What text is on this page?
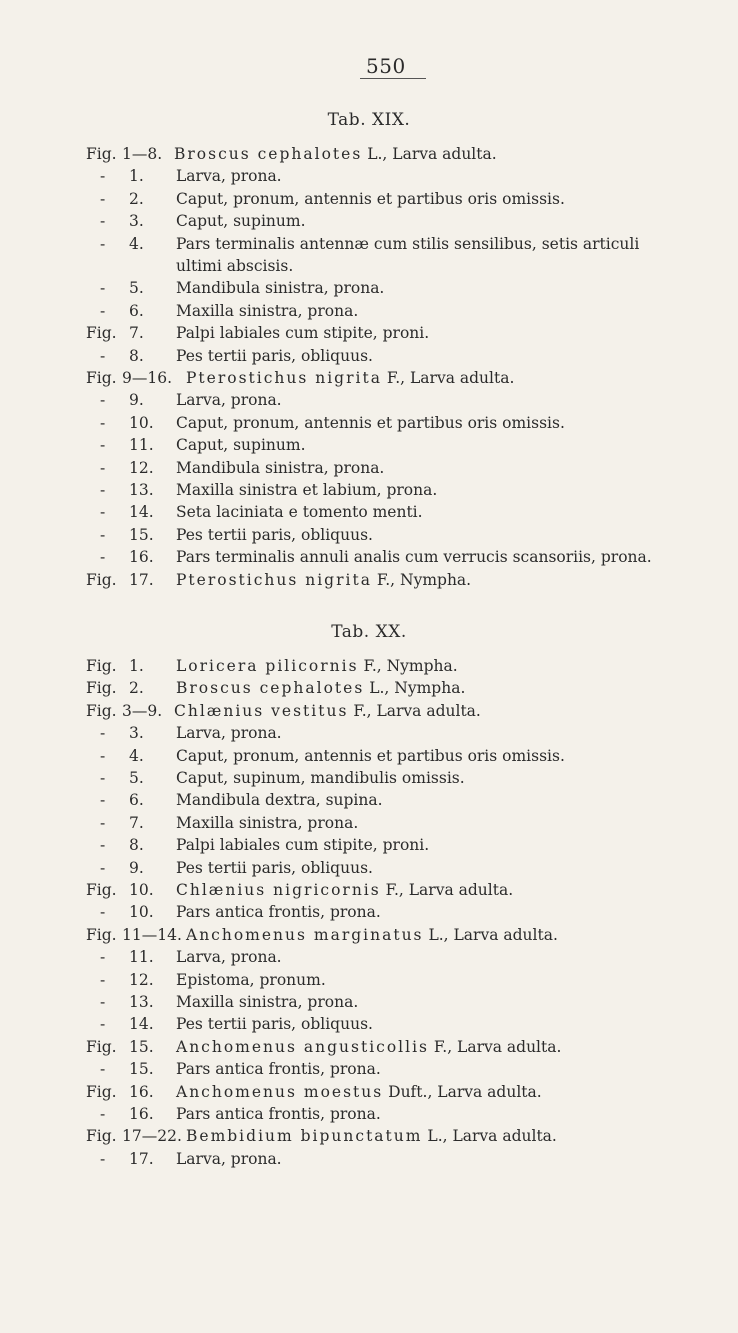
550
Tab. XIX.
Fig. 1—8. Broscus cephalotes L., Larva adulta.
- 1. Larva, prona.
- 2. Caput, pronum, antennis et partibus oris omissis.
- 3. Caput, supinum.
- 4. Pars terminalis antennæ cum stilis sensilibus, setis articuli
ultimi abscisis.
- 5. Mandibula sinistra, prona.
- 6. Maxilla sinistra, prona.
Fig. 7. Palpi labiales cum stipite, proni.
- 8. Pes tertii paris, obliquus.
Fig. 9—16. Pterostichus nigrita F., Larva adulta.
- 9. Larva, prona.
- 10. Caput, pronum, antennis et partibus oris omissis.
- 11. Caput, supinum.
- 12. Mandibula sinistra, prona.
- 13. Maxilla sinistra et labium, prona.
- 14. Seta laciniata e tomento menti.
- 15. Pes tertii paris, obliquus.
- 16. Pars terminalis annuli analis cum verrucis scansoriis, prona.
Fig. 17. Pterostichus nigrita F., Nympha.
Tab. XX.
Fig. 1. Loricera pilicornis F., Nympha.
Fig. 2. Broscus cephalotes L., Nympha.
Fig. 3—9. Chlænius vestitus F., Larva adulta.
- 3. Larva, prona.
- 4. Caput, pronum, antennis et partibus oris omissis.
- 5. Caput, supinum, mandibulis omissis.
- 6. Mandibula dextra, supina.
- 7. Maxilla sinistra, prona.
- 8. Palpi labiales cum stipite, proni.
- 9. Pes tertii paris, obliquus.
Fig. 10. Chlænius nigricornis F., Larva adulta.
- 10. Pars antica frontis, prona.
Fig. 11—14. Anchomenus marginatus L., Larva adulta.
- 11. Larva, prona.
- 12. Epistoma, pronum.
- 13. Maxilla sinistra, prona.
- 14. Pes tertii paris, obliquus.
Fig. 15. Anchomenus angusticollis F., Larva adulta.
- 15. Pars antica frontis, prona.
Fig. 16. Anchomenus moestus Duft., Larva adulta.
- 16. Pars antica frontis, prona.
Fig. 17—22. Bembidium bipunctatum L., Larva adulta.
- 17. Larva, prona.
